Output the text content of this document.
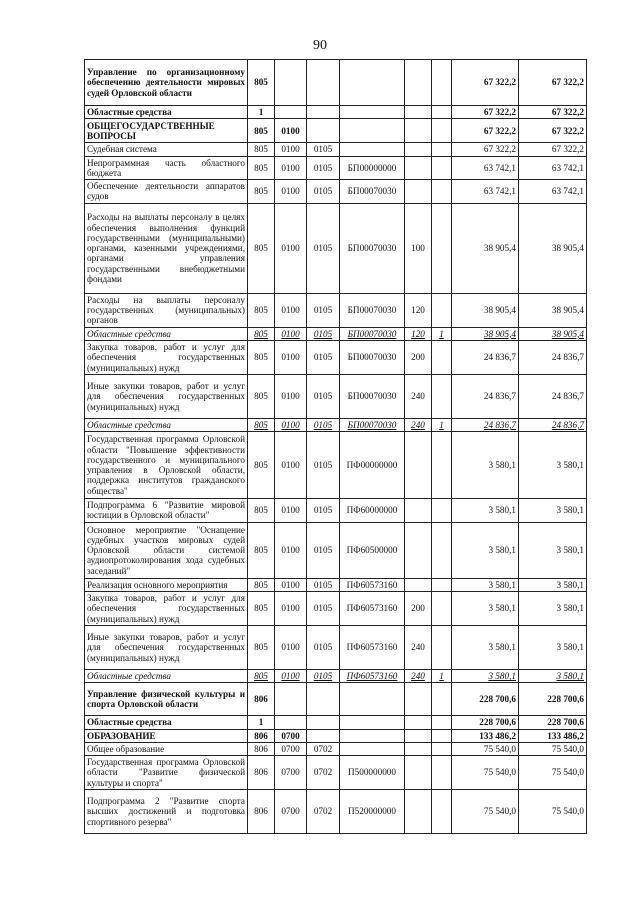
90
Управление по организационному обеспечению деятельности мировых судей Орловской области	805						67 322,2	67 322,2
Областные средства	1						67 322,2	67 322,2
ОБЩЕГОСУДАРСТВЕННЫЕ ВОПРОСЫ	805	0100					67 322,2	67 322,2
Судебная система	805	0100	0105				67 322,2	67 322,2
Непрограммная часть областного бюджета	805	0100	0105	БП00000000			63 742,1	63 742,1
Обеспечение деятельности аппаратов судов	805	0100	0105	БП00070030			63 742,1	63 742,1
Расходы на выплаты персоналу в целях обеспечения выполнения функций государственными (муниципальными) органами, казенными учреждениями, органами управления государственными внебюджетными фондами	805	0100	0105	БП00070030	100		38 905,4	38 905,4
Расходы на выплаты персоналу государственных (муниципальных) органов	805	0100	0105	БП00070030	120		38 905,4	38 905,4
Областные средства	805	0100	0105	БП00070030	120	1	38 905,4	38 905,4
Закупка товаров, работ и услуг для обеспечения государственных (муниципальных) нужд	805	0100	0105	БП00070030	200		24 836,7	24 836,7
Иные закупки товаров, работ и услуг для обеспечения государственных (муниципальных) нужд	805	0100	0105	БП00070030	240		24 836,7	24 836,7
Областные средства	805	0100	0105	БП00070030	240	1	24 836,7	24 836,7
Государственная программа Орловской области "Повышение эффективности государственного и муниципального управления в Орловской области, поддержка институтов гражданского общества"	805	0100	0105	ПФ00000000			3 580,1	3 580,1
Подпрограмма 6 "Развитие мировой юстиции в Орловской области"	805	0100	0105	ПФ60000000			3 580,1	3 580,1
Основное мероприятие "Оснащение судебных участков мировых судей Орловской области системой аудиопротоколирования хода судебных заседаний"	805	0100	0105	ПФ60500000			3 580,1	3 580,1
Реализация основного мероприятия	805	0100	0105	ПФ60573160			3 580,1	3 580,1
Закупка товаров, работ и услуг для обеспечения государственных (муниципальных) нужд	805	0100	0105	ПФ60573160	200		3 580,1	3 580,1
Иные закупки товаров, работ и услуг для обеспечения государственных (муниципальных) нужд	805	0100	0105	ПФ60573160	240		3 580,1	3 580,1
Областные средства	805	0100	0105	ПФ60573160	240	1	3 580,1	3 580,1
Управление физической культуры и спорта Орловской области	806						228 700,6	228 700,6
Областные средства	1						228 700,6	228 700,6
ОБРАЗОВАНИЕ	806	0700					133 486,2	133 486,2
Общее образование	806	0700	0702				75 540,0	75 540,0
Государственная программа Орловской области "Развитие физической культуры и спорта"	806	0700	0702	П500000000			75 540,0	75 540,0
Подпрограмма 2 "Развитие спорта высших достижений и подготовка спортивного резерва"	806	0700	0702	П520000000			75 540,0	75 540,0
